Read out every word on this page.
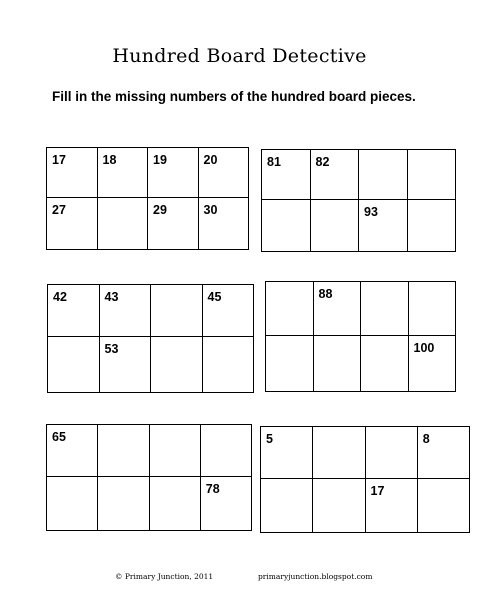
Hundred Board Detective
Fill in the missing numbers of the hundred board pieces.
17	18	19	20

27		29	30
81	82		

		93	

42	43		45

	53		

	88		

			100
65			

			78
5			8

		17	

© Primary Junction, 2011	primaryjunction.blogspot.com
